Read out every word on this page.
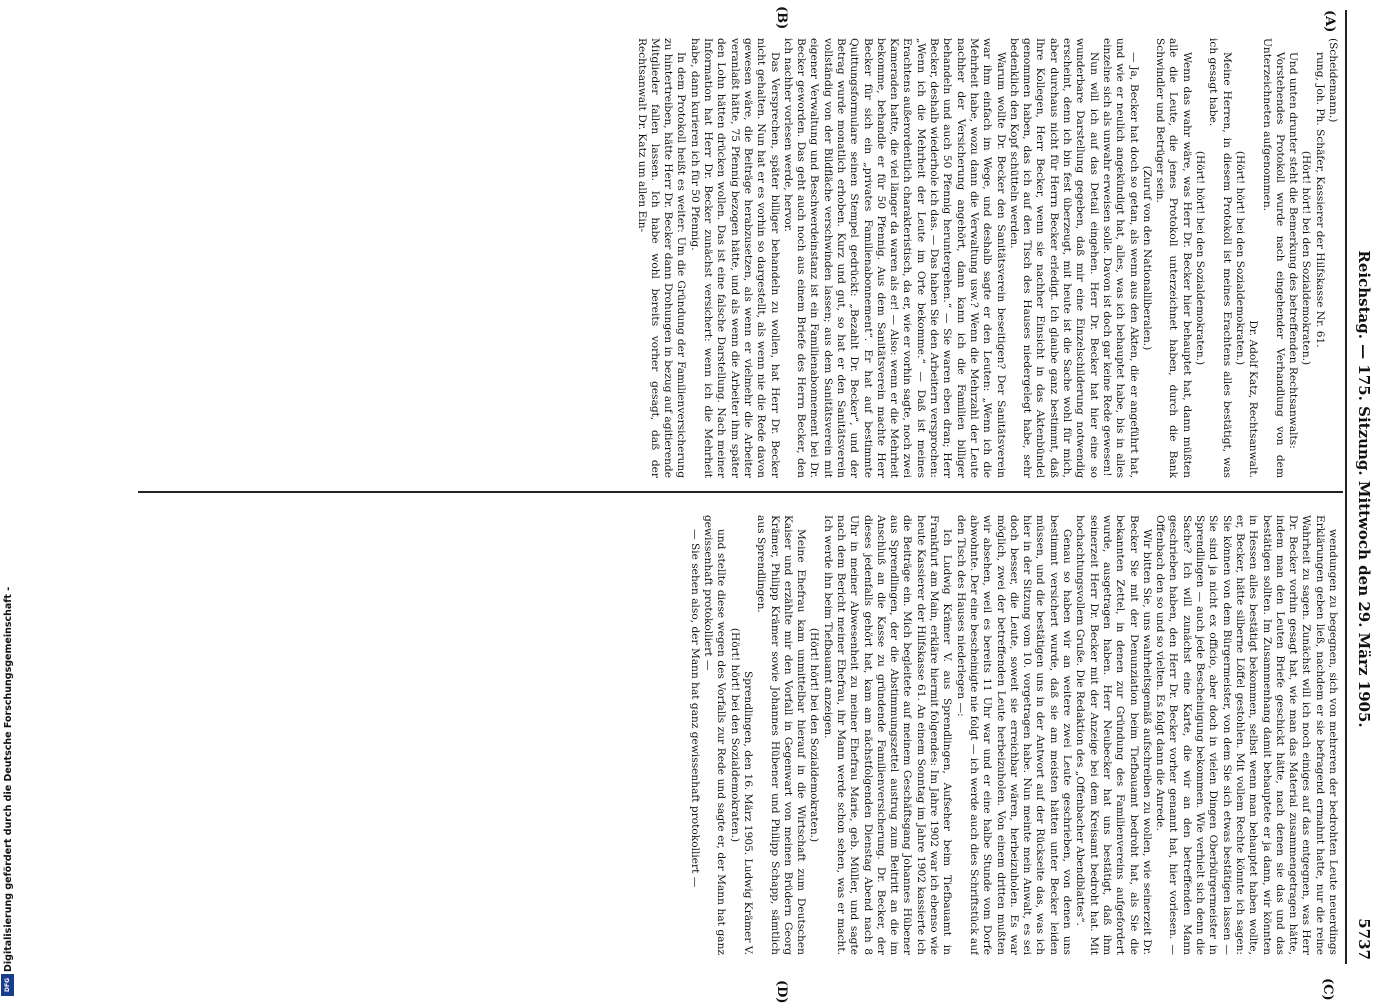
Reichstag. — 175. Sitzung. Mittwoch den 29. März 1905.
5737
(A)
(B)
(C)
(D)

(Scheidemann.)

rung, Joh. Ph. Schäfer, Kassierer der Hilfskasse Nr. 61.

(Hört! hört! bei den Sozialdemokraten.)

Und unten drunter steht die Bemerkung des betreffenden Rechtsanwalts:

Vorstehendes Protokoll wurde nach eingehender Verhandlung von dem Unterzeichneten aufgenommen.

Dr. Adolf Katz, Rechtsanwalt.

(Hört! hört! bei den Sozialdemokraten.)

Meine Herren, in diesem Protokoll ist meines Erachtens alles bestätigt, was ich gesagt habe.

(Hört! hört! bei den Sozialdemokraten.)

Wenn das wahr wäre, was Herr Dr. Becker hier behauptet hat, dann müßten alle die Leute, die jenes Protokoll unterzeichnet haben, durch die Bank Schwindler und Betrüger sein.

(Zuruf von den Nationalliberalen.)

— Ja, Becker hat doch so getan, als wenn aus den Akten, die er angeführt hat, und wie er neulich angekündigt hat, alles, was ich behauptet habe, bis in alles einzelne sich als unwahr erweisen solle. Davon ist doch gar keine Rede gewesen!

Nun will ich auf das Detail eingehen. Herr Dr. Becker hat hier eine so wunderbare Darstellung gegeben, daß mir eine Einzelschilderung notwendig erscheint, denn ich bin fest überzeugt, mit heute ist die Sache wohl für mich, aber durchaus nicht für Herrn Becker erledigt. Ich glaube ganz bestimmt, daß Ihre Kollegen, Herr Becker, wenn sie nachher Einsicht in das Aktenbündel genommen haben, das ich auf den Tisch des Hauses niedergelegt habe, sehr bedenklich den Kopf schütteln werden.

Warum wollte Dr. Becker den Sanitätsverein beseitigen? Der Sanitätsverein war ihm einfach im Wege, und deshalb sagte er den Leuten: „Wenn ich die Mehrheit habe, wozu dann die Verwaltung usw.? Wenn die Mehrzahl der Leute nachher der Versicherung angehört, dann kann ich die Familien billiger behandeln und auch 50 Pfennig heruntergehen.“ — Sie waren eben dran; Herr Becker, deshalb wiederhole ich das. — Das haben Sie den Arbeitern versprochen: „Wenn ich die Mehrheit der Leute im Orte bekomme.“ — Daß ist meines Erachtens außerordentlich charakteristisch, da er, wie er vorhin sagte, noch zwei Kameraden hatte, die viel länger da waren als er! — Also: wenn er die Mehrheit bekomme, behandle er für 50 Pfennig. Aus dem Sanitätsverein machte Herr Becker für sich ein „privates Familienabonnement“. Er hat auf bestimmte Quittungsformulare seinen Stempel gedrückt: „Bezahlt Dr. Becker“, und der Betrag wurde monatlich erhoben. Kurz und gut, so hat er den Sanitätsverein vollständig von der Bildfläche verschwinden lassen; aus dem Sanitätsverein mit eigener Verwaltung und Beschwerdeinstanz ist ein Familienabonnement bei Dr. Becker geworden. Das geht auch noch aus einem Briefe des Herrn Becker, den ich nachher vorlesen werde, hervor.

Das Versprechen, später billiger behandeln zu wollen, hat Herr Dr. Becker nicht gehalten. Nun hat er es vorhin so dargestellt, als wenn nie die Rede davon gewesen wäre, die Beiträge herabzusetzen, als wenn er vielmehr die Arbeiter veranlaßt hätte, 75 Pfennig bezogen hätte, und als wenn die Arbeiter ihm später den Lohn hätten drücken wollen. Das ist eine falsche Darstellung. Nach meiner Information hat Herr Dr. Becker zunächst versichert: wenn ich die Mehrheit habe, dann kurieren ich für 50 Pfennig.

In dem Protokoll heißt es weiter: Um die Gründung der Familienversicherung zu hintertreiben, hätte Herr Dr. Becker dann Drohungen in bezug auf agitierende Mitglieder fallen lassen. Ich habe wohl bereits vorher gesagt, daß der Rechtsanwalt Dr. Katz um allen Ein-

wendungen zu begegnen, sich von mehreren der bedrohten Leute neuerdings Erklärungen geben ließ, nachdem er sie befragend ermahnt hatte, nur die reine Wahrheit zu sagen. Zunächst will ich noch einiges auf das entgegnen, was Herr Dr. Becker vorhin gesagt hat, wie man das Material zusammengetragen hätte, indem man den Leuten Briefe geschickt hätte, nach denen sie das und das bestätigen sollten. Im Zusammenhang damit behauptete er ja dann, wir könnten in Hessen alles bestätigt bekommen, selbst wenn man behauptet haben wollte, er, Becker, hätte silberne Löffel gestohlen. Mit vollem Rechte könnte ich sagen: Sie können von dem Bürgermeister, von dem Sie sich etwas bestätigen lassen — Sie sind ja nicht ex officio, aber doch in vielen Dingen Oberbürgermeister in Sprendlingen — auch jede Bescheinigung bekommen. Wie verhielt sich denn die Sache? Ich will zunächst eine Karte, die wir an den betreffenden Mann geschrieben haben, den Herr Dr. Becker vorher genannt hat, hier vorlesen. — Offenbach den so und so vielten. Es folgt dann die Anrede.

Wir bitten Sie, uns wahrheitsgemäß aufschreiben zu wollen, wie seinerzeit Dr. Becker Sie mit der Denunziation beim Tiefbauamt bedroht hat, als Sie die bekannten Zettel, in denen zur Gründung des Familienvereins aufgefordert wurde, ausgetragen haben. Herr Neubecker hat uns bestätigt, daß ihm seinerzeit Herr Dr. Becker mit der Anzeige bei dem Kreisamt bedroht hat. Mit hochachtungsvollem Gruße. Die Redaktion des „Offenbacher Abendblattes“.

Genau so haben wir an weitere zwei Leute geschrieben, von denen uns bestimmt versichert wurde, daß sie am meisten hätten unter Becker leiden müssen, und die bestätigen uns in der Antwort auf der Rückseite das, was ich hier in der Sitzung vom 10. vorgetragen habe. Nun meinte mein Anwalt, es sei doch besser, die Leute, soweit sie erreichbar wären, herbeizuholen. Es war möglich, zwei der betreffenden Leute herbeizuholen. Von einem dritten mußten wir absehen, weil es bereits 11 Uhr war und er eine halbe Stunde vom Dorfe abwohnte. Der eine bescheinigte nie folgt — ich werde auch dies Schriftstück auf den Tisch des Hauses niederlegen —:

Ich Ludwig Krämer V. aus Sprendlingen, Aufseher beim Tiefbauamt in Frankfurt am Main, erkläre hiermit folgendes: Im Jahre 1902 war ich ebenso wie heute Kassierer der Hilfskasse 61. An einem Sonntag im Jahre 1902 kassierte ich die Beiträge ein. Mich begleitete auf meinem Geschäftsgang Johannes Hübener aus Sprendlingen, der die Abstimmungszettel austrug zum Beitritt an die im Anschluß an die Kasse zu gründende Familienversicherung. Dr. Becker, der dieses jedenfalls gehört hat, kam am nächstfolgenden Dienstag Abend nach 8 Uhr in meiner Abwesenheit zu meiner Ehefrau Marie, geb. Müller, und sagte nach dem Bericht meiner Ehefrau, ihr Mann werde schon sehen, was er macht. Ich werde ihn beim Tiefbauamt anzeigen.

(Hört! hört! bei den Sozialdemokraten.)

Meine Ehefrau kam unmittelbar hierauf in die Wirtschaft zum Deutschen Kaiser und erzählte mir den Vorfall in Gegenwart von meinen Brüdern Georg Krämer, Philipp Krämer sowie Johannes Hübener und Philipp Schapp, sämtlich aus Sprendlingen.

Sprendlingen, den 16. März 1905. Ludwig Krämer V.

(Hört! hört! bei den Sozialdemokraten.)

und stellte diese wegen des Vorfalls zur Rede und sagte er, der Mann hat ganz gewissenhaft protokolliert —

— Sie sehen also, der Mann hat ganz gewissenhaft protokolliert —

Digitalisierung gefördert durch die Deutsche Forschungsgemeinschaft -
DFG
